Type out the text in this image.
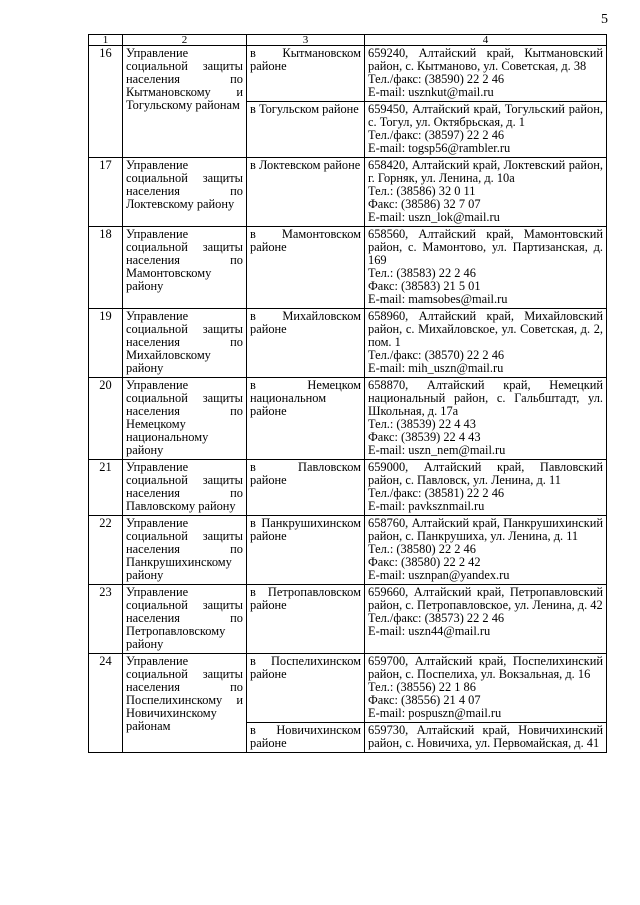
5
1	2	3	4
16	Управление социальной защиты населения по Кытмановскому и Тогульскому районам	в Кытмановском районе	659240, Алтайский край, Кытмановский район, с. Кытманово, ул. Советская, д. 38
Тел./факс: (38590) 22 2 46
E-mail: usznkut@mail.ru

		в Тогульском районе	659450, Алтайский край, Тогульский район, с. Тогул, ул. Октябрьская, д. 1
Тел./факс: (38597) 22 2 46
E-mail: togsp56@rambler.ru

17	Управление социальной защиты населения по Локтевскому району	в Локтевском районе	658420, Алтайский край, Локтевский район, г. Горняк, ул. Ленина, д. 10а
Тел.: (38586) 32 0 11
Факс: (38586) 32 7 07
E-mail: uszn_lok@mail.ru

18	Управление социальной защиты населения по Мамонтовскому району	в Мамонтовском районе	658560, Алтайский край, Мамонтовский район, с. Мамонтово, ул. Партизанская, д. 169
Тел.: (38583) 22 2 46
Факс: (38583) 21 5 01
E-mail: mamsobes@mail.ru

19	Управление социальной защиты населения по Михайловскому району	в Михайловском районе	658960, Алтайский край, Михайловский район, с. Михайловское, ул. Советская, д. 2, пом. 1
Тел./факс: (38570) 22 2 46
E-mail: mih_uszn@mail.ru

20	Управление социальной защиты населения по Немецкому национальному району	в Немецком национальном районе	658870, Алтайский край, Немецкий национальный район, с. Гальбштадт, ул. Школьная, д. 17а
Тел.: (38539) 22 4 43
Факс: (38539) 22 4 43
E-mail: uszn_nem@mail.ru

21	Управление социальной защиты населения по Павловскому району	в Павловском районе	659000, Алтайский край, Павловский район, с. Павловск, ул. Ленина, д. 11
Тел./факс: (38581) 22 2 46
E-mail: pavksznmail.ru

22	Управление социальной защиты населения по Панкрушихинскому району	в Панкрушихинском районе	658760, Алтайский край, Панкрушихинский район, с. Панкрушиха, ул. Ленина, д. 11
Тел.: (38580) 22 2 46
Факс: (38580) 22 2 42
E-mail: usznpan@yandex.ru

23	Управление социальной защиты населения по Петропавловскому району	в Петропавловском районе	659660, Алтайский край, Петропавловский район, с. Петропавловское, ул. Ленина, д. 42
Тел./факс: (38573) 22 2 46
E-mail: uszn44@mail.ru

24	Управление социальной защиты населения по Поспелихинскому и Новичихинскому районам	в Поспелихинском районе	659700, Алтайский край, Поспелихинский район, с. Поспелиха, ул. Вокзальная, д. 16
Тел.: (38556) 22 1 86
Факс: (38556) 21 4 07
E-mail: pospuszn@mail.ru

		в Новичихинском районе	659730, Алтайский край, Новичихинский район, с. Новичиха, ул. Первомайская, д. 41
